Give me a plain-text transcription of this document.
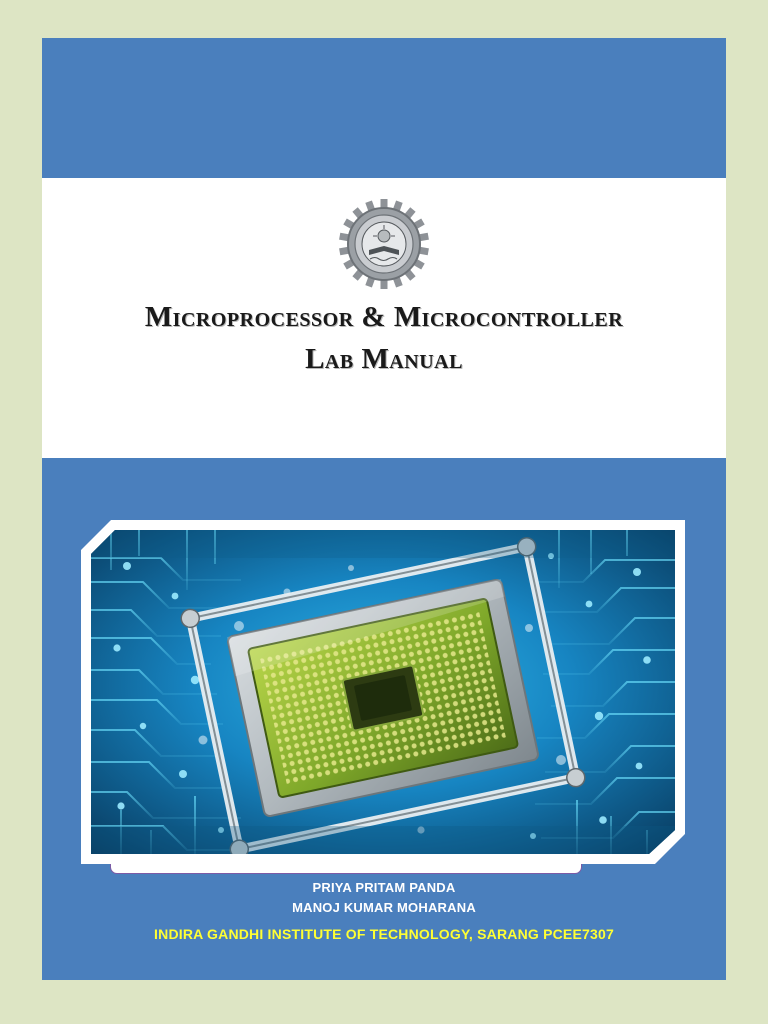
Microprocessor & Microcontroller
Lab Manual
PRIYA PRITAM PANDA
MANOJ KUMAR MOHARANA
INDIRA GANDHI INSTITUTE OF TECHNOLOGY, SARANG PCEE7307
